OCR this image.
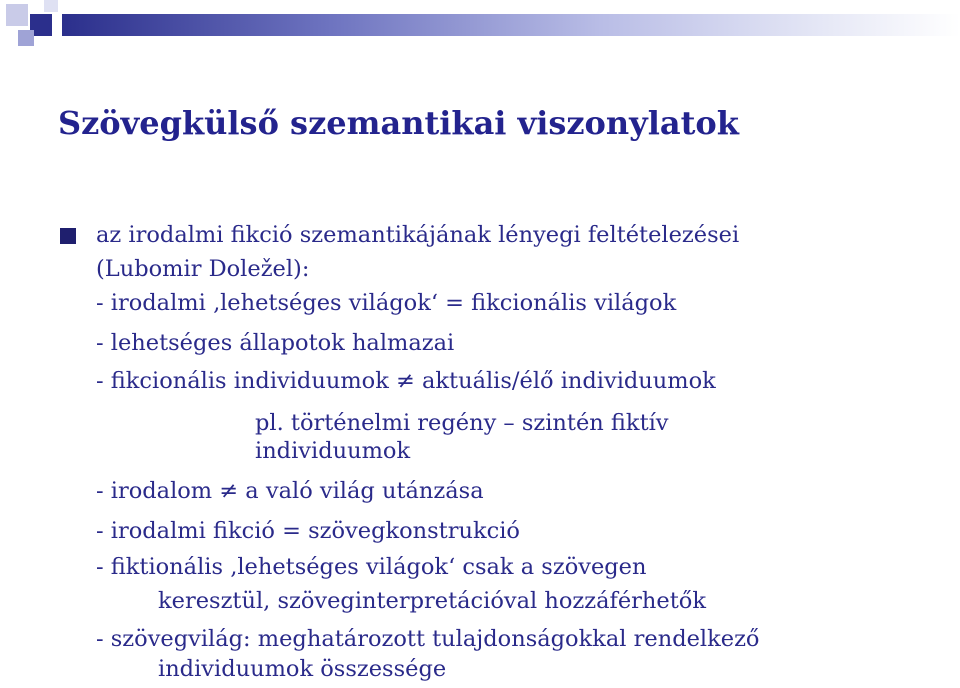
Szövegkülső szemantikai viszonylatok
az irodalmi fikció szemantikájának lényegi feltételezései
(Lubomir Doležel):
- irodalmi ‚lehetséges világok‘ = fikcionális világok
- lehetséges állapotok halmazai
- fikcionális individuumok ≠ aktuális/élő individuumok
pl. történelmi regény – szintén fiktív
individuumok
- irodalom ≠ a való világ utánzása
- irodalmi fikció = szövegkonstrukció
- fiktionális ‚lehetséges világok‘ csak a szövegen
keresztül, szöveginterpretációval hozzáférhetők
- szövegvilág: meghatározott tulajdonságokkal rendelkező
individuumok összessége
